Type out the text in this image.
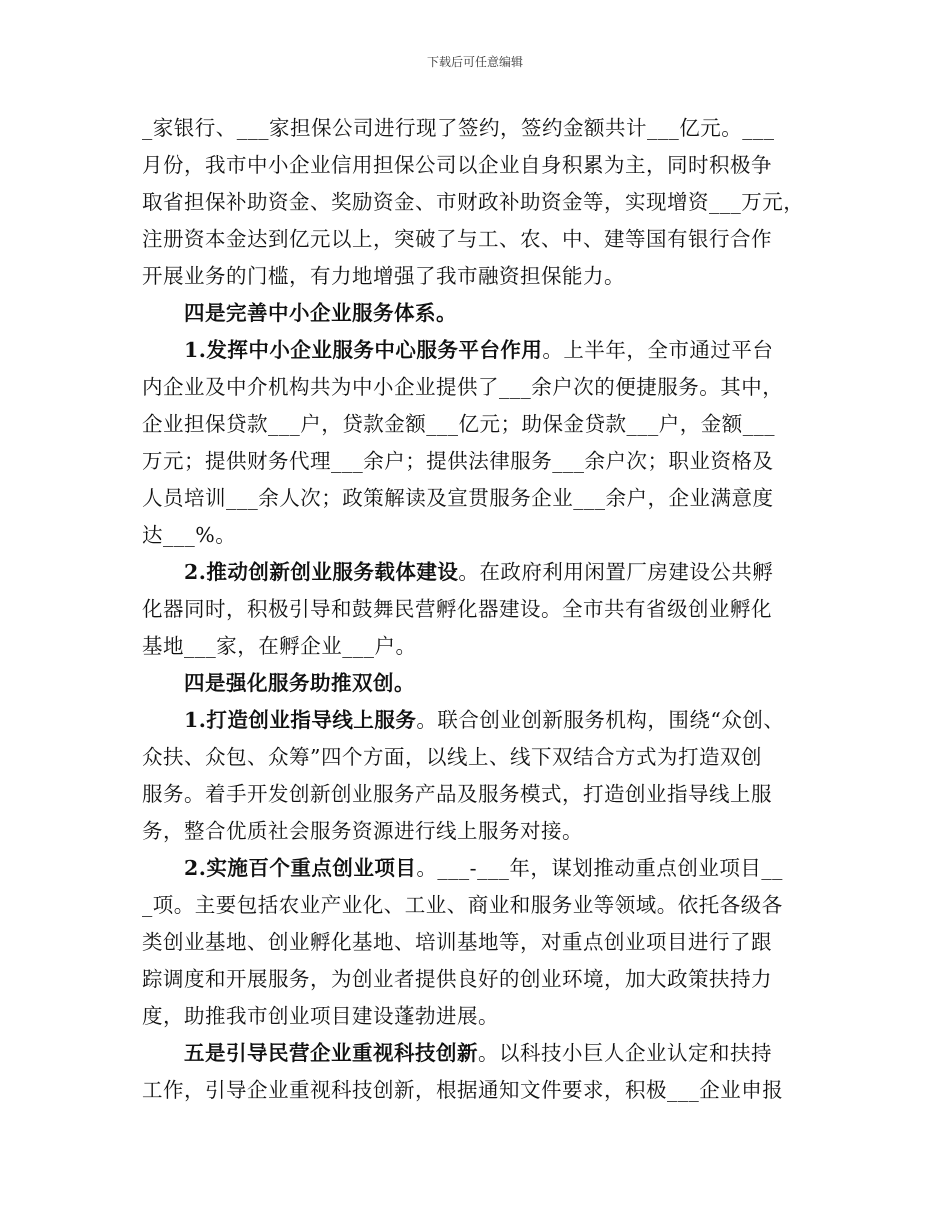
下载后可任意编辑
_家银行、___家担保公司进行现了签约，签约金额共计___亿元。___
月份，我市中小企业信用担保公司以企业自身积累为主，同时积极争
取省担保补助资金、奖励资金、市财政补助资金等，实现增资___万元，
注册资本金达到亿元以上，突破了与工、农、中、建等国有银行合作
开展业务的门槛，有力地增强了我市融资担保能力。
四是完善中小企业服务体系。
1.发挥中小企业服务中心服务平台作用。上半年，全市通过平台
内企业及中介机构共为中小企业提供了___余户次的便捷服务。其中，
企业担保贷款___户，贷款金额___亿元；助保金贷款___户，金额___
万元；提供财务代理___余户；提供法律服务___余户次；职业资格及
人员培训___余人次；政策解读及宣贯服务企业___余户，企业满意度
达___%。
2.推动创新创业服务载体建设。在政府利用闲置厂房建设公共孵
化器同时，积极引导和鼓舞民营孵化器建设。全市共有省级创业孵化
基地___家，在孵企业___户。
四是强化服务助推双创。
1.打造创业指导线上服务。联合创业创新服务机构，围绕“众创、
众扶、众包、众筹”四个方面，以线上、线下双结合方式为打造双创
服务。着手开发创新创业服务产品及服务模式，打造创业指导线上服
务，整合优质社会服务资源进行线上服务对接。
2.实施百个重点创业项目。___-___年，谋划推动重点创业项目__
_项。主要包括农业产业化、工业、商业和服务业等领域。依托各级各
类创业基地、创业孵化基地、培训基地等，对重点创业项目进行了跟
踪调度和开展服务，为创业者提供良好的创业环境，加大政策扶持力
度，助推我市创业项目建设蓬勃进展。
五是引导民营企业重视科技创新。以科技小巨人企业认定和扶持
工作，引导企业重视科技创新，根据通知文件要求，积极___企业申报
